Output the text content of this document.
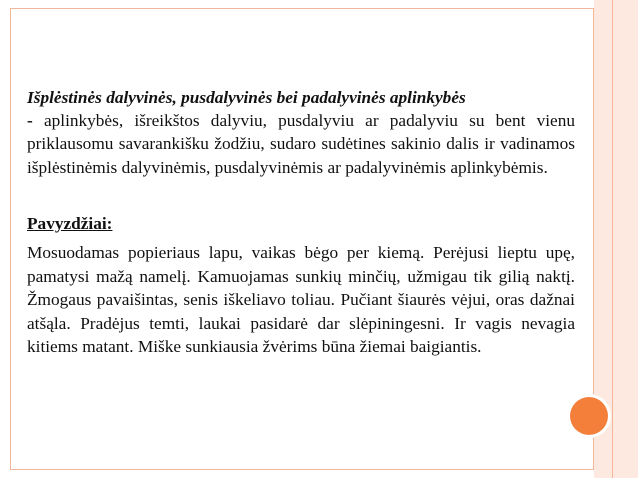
Išplėstinės dalyvinės, pusdalyvinės bei padalyvinės aplinkybės
- aplinkybės, išreikštos dalyviu, pusdalyviu ar padalyviu su bent vienu priklausomu savarankišku žodžiu, sudaro sudėtines sakinio dalis ir vadinamos išplėstinėmis dalyvinėmis, pusdalyvinėmis ar padalyvinėmis aplinkybėmis.

Pavyzdžiai:

Mosuodamas popieriaus lapu, vaikas bėgo per kiemą. Perėjusi lieptu upę, pamatysi mažą namelį. Kamuojamas sunkių minčių, užmigau tik gilią naktį. Žmogaus pavaišintas, senis iškeliavo toliau. Pučiant šiaurės vėjui, oras dažnai atšąla. Pradėjus temti, laukai pasidarė dar slėpiningesni. Ir vagis nevagia kitiems matant. Miške sunkiausia žvėrims būna žiemai baigiantis.
